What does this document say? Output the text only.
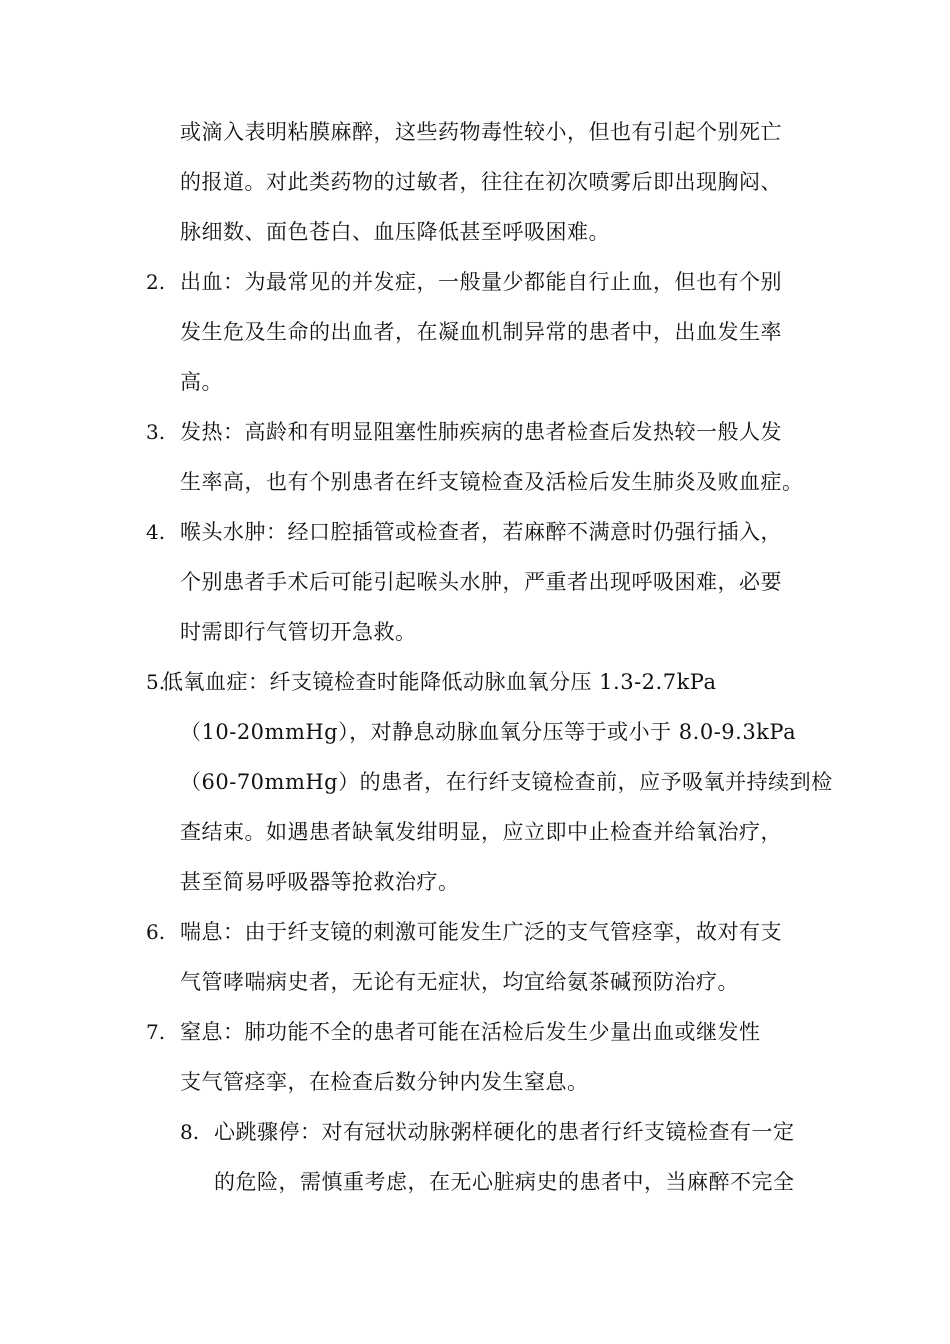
或滴入表明粘膜麻醉，这些药物毒性较小，但也有引起个别死亡
的报道。对此类药物的过敏者，往往在初次喷雾后即出现胸闷、
脉细数、面色苍白、血压降低甚至呼吸困难。
2. 出血：为最常见的并发症，一般量少都能自行止血，但也有个别
发生危及生命的出血者，在凝血机制异常的患者中，出血发生率
高。
3. 发热：高龄和有明显阻塞性肺疾病的患者检查后发热较一般人发
生率高，也有个别患者在纤支镜检查及活检后发生肺炎及败血症。
4. 喉头水肿：经口腔插管或检查者，若麻醉不满意时仍强行插入，
个别患者手术后可能引起喉头水肿，严重者出现呼吸困难，必要
时需即行气管切开急救。
5.
低氧血症：纤支镜检查时能降低动脉血氧分压 1.3-2.7kPa
（10-20mmHg），对静息动脉血氧分压等于或小于 8.0-9.3kPa
（60-70mmHg）的患者，在行纤支镜检查前，应予吸氧并持续到检
查结束。如遇患者缺氧发绀明显，应立即中止检查并给氧治疗，
甚至简易呼吸器等抢救治疗。
6. 喘息：由于纤支镜的刺激可能发生广泛的支气管痉挛，故对有支
气管哮喘病史者，无论有无症状，均宜给氨茶碱预防治疗。
7. 窒息：肺功能不全的患者可能在活检后发生少量出血或继发性
支气管痉挛，在检查后数分钟内发生窒息。
8. 心跳骤停：对有冠状动脉粥样硬化的患者行纤支镜检查有一定
的危险，需慎重考虑，在无心脏病史的患者中，当麻醉不完全
